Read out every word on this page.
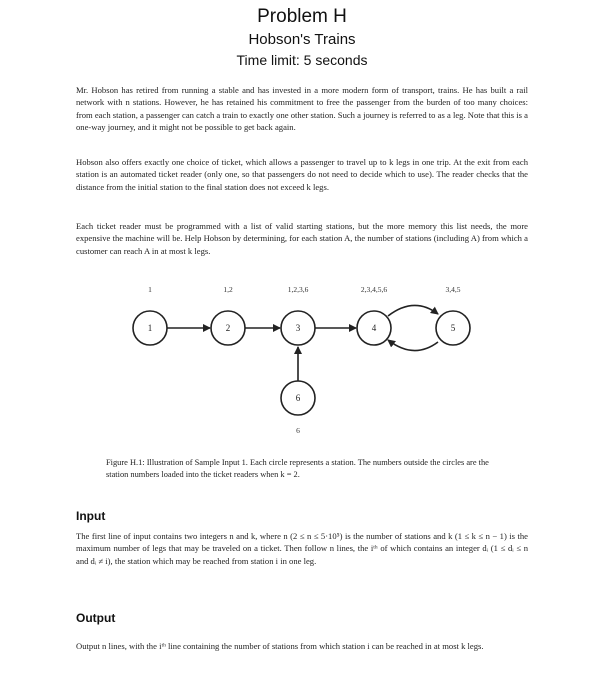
Problem H
Hobson's Trains
Time limit: 5 seconds
Mr. Hobson has retired from running a stable and has invested in a more modern form of transport, trains. He has built a rail network with n stations. However, he has retained his commitment to free the passenger from the burden of too many choices: from each station, a passenger can catch a train to exactly one other station. Such a journey is referred to as a leg. Note that this is a one-way journey, and it might not be possible to get back again.
Hobson also offers exactly one choice of ticket, which allows a passenger to travel up to k legs in one trip. At the exit from each station is an automated ticket reader (only one, so that passengers do not need to decide which to use). The reader checks that the distance from the initial station to the final station does not exceed k legs.
Each ticket reader must be programmed with a list of valid starting stations, but the more memory this list needs, the more expensive the machine will be. Help Hobson by determining, for each station A, the number of stations (including A) from which a customer can reach A in at most k legs.
1	2	3	4	5
6
1	1,2	1,2,3,6	2,3,4,5,6	3,4,5
6
Figure H.1: Illustration of Sample Input 1. Each circle represents a station. The numbers outside the circles are the station numbers loaded into the ticket readers when k = 2.
Input
The first line of input contains two integers n and k, where n (2 ≤ n ≤ 5·10⁵) is the number of stations and k (1 ≤ k ≤ n − 1) is the maximum number of legs that may be traveled on a ticket. Then follow n lines, the iᵗʰ of which contains an integer dᵢ (1 ≤ dᵢ ≤ n and dᵢ ≠ i), the station which may be reached from station i in one leg.
Output
Output n lines, with the iᵗʰ line containing the number of stations from which station i can be reached in at most k legs.
